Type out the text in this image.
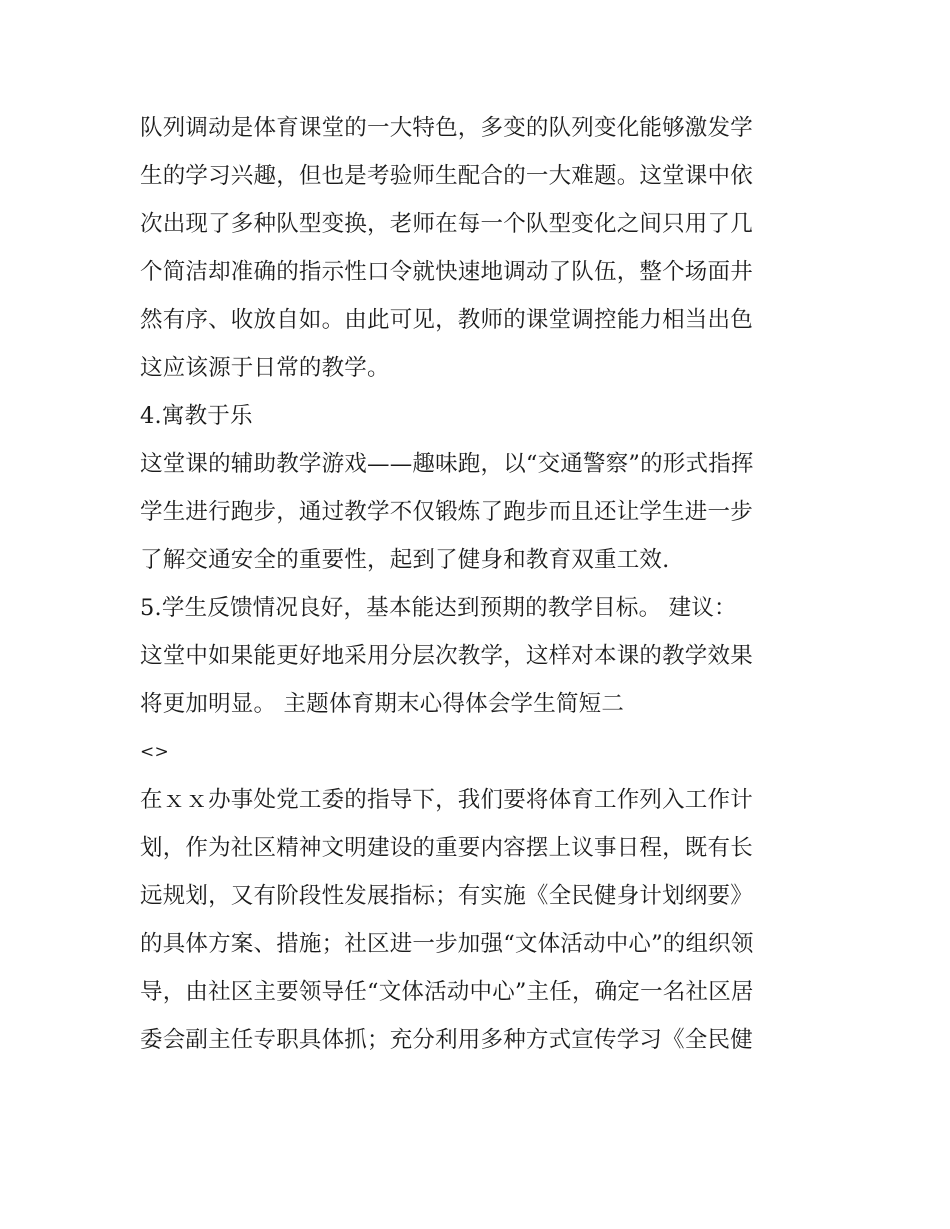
队列调动是体育课堂的一大特色，多变的队列变化能够激发学
生的学习兴趣，但也是考验师生配合的一大难题。这堂课中依
次出现了多种队型变换，老师在每一个队型变化之间只用了几
个简洁却准确的指示性口令就快速地调动了队伍，整个场面井
然有序、收放自如。由此可见，教师的课堂调控能力相当出色
这应该源于日常的教学。
4.寓教于乐
这堂课的辅助教学游戏——趣味跑，以“交通警察”的形式指挥
学生进行跑步，通过教学不仅锻炼了跑步而且还让学生进一步
了解交通安全的重要性，起到了健身和教育双重工效.
5.学生反馈情况良好，基本能达到预期的教学目标。 建议：
这堂中如果能更好地采用分层次教学，这样对本课的教学效果
将更加明显。 主题体育期末心得体会学生简短二
<>
在ｘｘ办事处党工委的指导下，我们要将体育工作列入工作计
划，作为社区精神文明建设的重要内容摆上议事日程，既有长
远规划，又有阶段性发展指标；有实施《全民健身计划纲要》
的具体方案、措施；社区进一步加强“文体活动中心”的组织领
导，由社区主要领导任“文体活动中心”主任，确定一名社区居
委会副主任专职具体抓；充分利用多种方式宣传学习《全民健
